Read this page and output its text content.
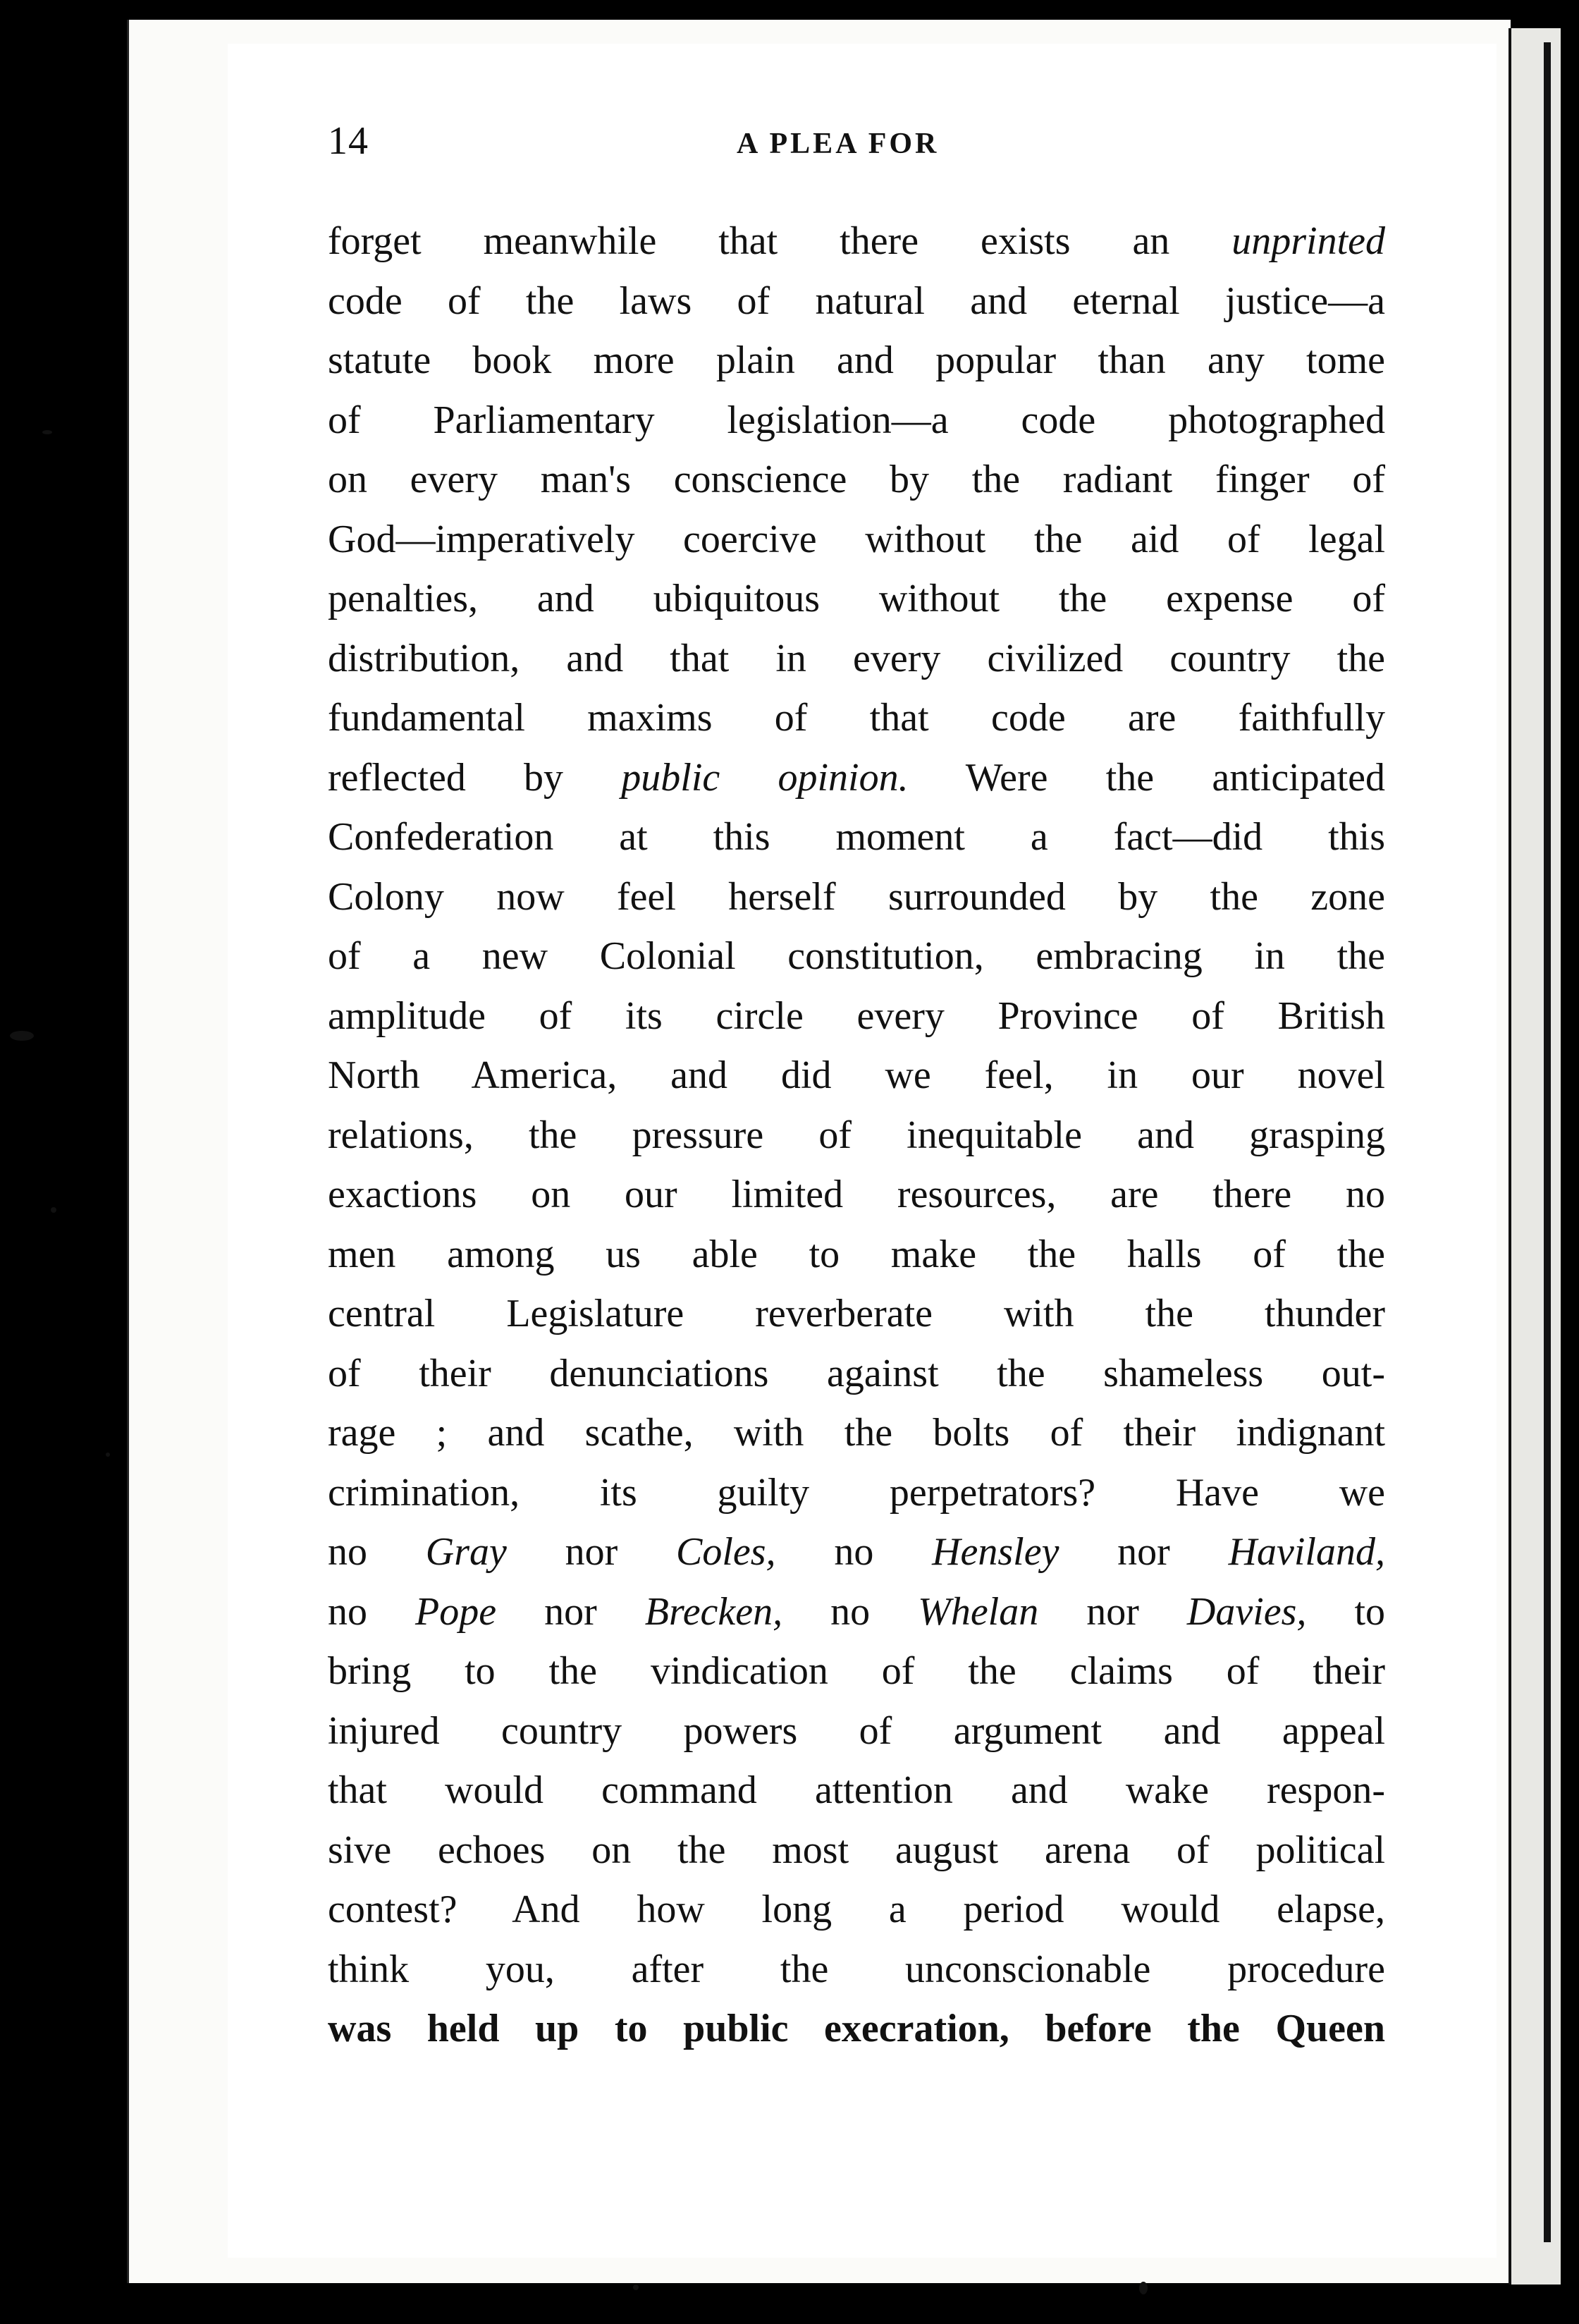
14	A PLEA FOR
forget meanwhile that there exists an unprinted
code of the laws of natural and eternal justice—a
statute book more plain and popular than any tome
of Parliamentary legislation—a code photographed
on every man's conscience by the radiant finger of
God—imperatively coercive without the aid of legal
penalties, and ubiquitous without the expense of
distribution, and that in every civilized country the
fundamental maxims of that code are faithfully
reflected by public opinion. Were the anticipated
Confederation at this moment a fact—did this
Colony now feel herself surrounded by the zone
of a new Colonial constitution, embracing in the
amplitude of its circle every Province of British
North America, and did we feel, in our novel
relations, the pressure of inequitable and grasping
exactions on our limited resources, are there no
men among us able to make the halls of the
central Legislature reverberate with the thunder
of their denunciations against the shameless out-
rage ; and scathe, with the bolts of their indignant
crimination, its guilty perpetrators? Have we
no Gray nor Coles, no Hensley nor Haviland,
no Pope nor Brecken, no Whelan nor Davies, to
bring to the vindication of the claims of their
injured country powers of argument and appeal
that would command attention and wake respon-
sive echoes on the most august arena of political
contest? And how long a period would elapse,
think you, after the unconscionable procedure
was held up to public execration, before the Queen
